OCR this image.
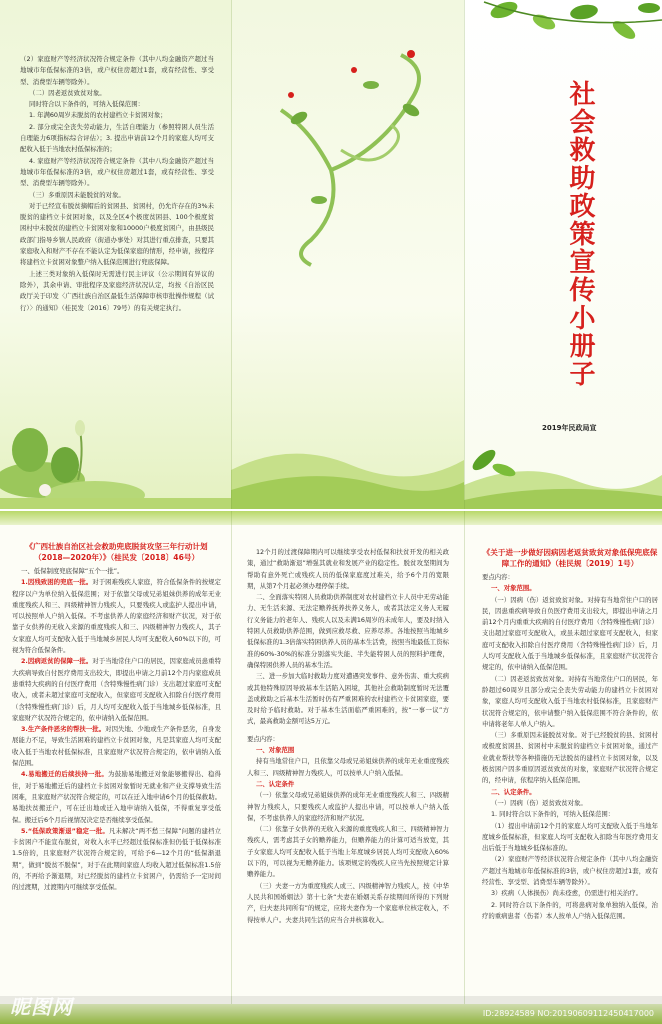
（2）家庭财产等经济状况符合规定条件（其中八均金融资产超过当地城市年低保标准的3倍，或户权住房超过1套，或有经营性、享受型、消费型车辆等除外）。

（二）因老返贫致贫对象。

同时符合以下条件的，可纳入低保范围：

1. 年满60周岁未脱贫的农村建档立卡贫困对象；

2. 部分或完全丧失劳动能力，生活自理能力（参照特困人员生活自理能力6项指标综合评估）；3. 提出申请前12个月的家庭人均可支配收入低于当地农村低保标准的；

4. 家庭财产等经济状况符合规定条件（其中八均金融资产超过当地城市年低保标准的3倍，或户权住房超过1套，或有经营性、享受型、消费型车辆等除外）。

（三）多重原因未能脱贫的对象。

对于已经宣布脱贫摘帽后的贫困县、贫困村，仍允许存在的3%未脱贫的建档立卡贫困对象，以及全区4个极度贫困县、100个极度贫困村中未脱贫的建档立卡贫困对象和10000户极度贫困户，由县级民政部门指导乡镇人民政府（街道办事处）对其进行重点排查，只要其家庭收入和财产不存在不能认定为低保家庭的情形，经申请，按程序将建档立卡贫困对象整户纳入低保范围进行兜底保障。

上述三类对象纳入低保时无需进行民主评议（公示期间有异议的除外），其余申请、审批程序及家庭经济状况认定，均按《自治区民政厅关于印发〈广西壮族自治区最低生活保障审核审批操作规程（试行）〉的通知》（桂民发〔2016〕79号）的有关规定执行。	社会救助政策宣传小册子
2019年民政局宣
《广西壮族自治区社会救助兜底脱贫攻坚三年行动计划（2018—2020年）》（桂民发〔2018〕46号）

一、低保制度兜底保障“五个一批”。

1.因残致困的兜底一批。对于困难残疾人家庭，符合低保条件的按规定程序以户为单位纳入低保范围；对于依靠父母或兄弟姐妹供养的成年无业重度残疾人和三、四级精神智力残疾人，只要残疾人或监护人提出申请，可以按照单人户纳入低保。不考虑供养人的家庭经济和财产状况，对于依靠子女供养的无收入来源的重度残疾人和三、四级精神智力残疾人，其子女家庭人均可支配收入低于当地城乡居民人均可支配收入60%以下的，可视为符合低保条件。

2.因病返贫的保障一批。对于当地常住户口的居民，因家庭成员患重特大疾病导致自付医疗费用支出较大，即提出申请之月前12个月内家庭成员患重特大疾病的自付医疗费用（含特殊慢性病门诊）支出超过家庭可支配收入，或者未超过家庭可支配收入，但家庭可支配收入扣除自付医疗费用（含特殊慢性病门诊）后，月人均可支配收入低于当地城乡低保标准，且家庭财产状况符合规定的，依申请纳入低保范围。

3.生产条件恶劣的帮扶一批。对因失地、少地或生产条件恶劣，自身发展能力不足，导致生活困难的建档立卡贫困对象，凡是其家庭人均可支配收入低于当地农村低保标准，且家庭财产状况符合规定的，依申请纳入低保范围。

4.易地搬迁的后续扶持一批。为鼓励易地搬迁对象能够搬得出、稳得住，对于易地搬迁后的建档立卡贫困对象暂时无就业和产业支撑导致生活困难，且家庭财产状况符合规定的，可以在迁入地申请6个月的低保救助。易地扶贫搬迁户，可在迁出地或迁入地申请纳入低保，不得重复享受低保。搬迁后6个月后视情况决定是否继续享受低保。

5.“低保政策渐退”稳定一批。凡未解决“两不愁三保障”问题的建档立卡贫困户不能宣布脱贫，对收入水平已经超过低保标准但仍低于低保标准1.5倍的，且家庭财产状况符合规定的，可给予6—12个月的“低保渐退期”，做到“脱贫不脱保”，对于在此期间家庭人均收入超过低保标准1.5倍的，不再给予渐退期，对已经脱贫的建档立卡贫困户，仍需给予一定时间的过渡期，过渡期内可继续享受低保。

12个月的过渡保障期内可以继续享受农村低保和扶贫开发的相关政策，通过“救助渐退”增强其就业和发展产业的稳定性。脱贫攻坚期间为帮助有意外死亡或残疾人员的低保家庭度过难关，给予6个月的宽限期，从第7个月起必须办理停保手续。

二、全面落实特困人员救助供养制度对农村建档立卡人员中无劳动能力、无生活来源、无法定赡养抚养扶养义务人，或者其法定义务人无履行义务能力的老年人、残疾人以及未满16周岁的未成年人，要及时纳入特困人员救助供养范围，做到应救尽救、应养尽养。各地按照当地城乡低保标准的1.3倍落实特困供养人员的基本生活费，按照当地最低工资标准的60%-30%的标准分别落实失能、半失能特困人员的照料护理费，确保特困供养人员的基本生活。

三、进一步加大临时救助力度对遭遇突发事件、意外伤害、重大疾病或其他特殊原因导致基本生活陷入困境，其他社会救助制度暂时无法覆盖或救助之后基本生活暂时仍有严重困难的农村建档立卡贫困家庭，要及时给予临时救助。对于基本生活面临严重困难的，按“一事一议”方式，最高救助金额可达5万元。

要点内容：

一、对象范围

持有当地常住户口，且依靠父母或兄弟姐妹供养的成年无业重度残疾人和三、四级精神智力残疾人，可以按单人户纳入低保。

二、认定条件

（一）依靠父母或兄弟姐妹供养的成年无业重度残疾人和三、四级精神智力残疾人，只要残疾人或监护人提出申请，可以按单人户纳入低保，不考虑供养人的家庭经济和财产状况。

（二）依靠子女供养的无收入来源的重度残疾人和三、四级精神智力残疾人，需考虑其子女的赡养能力，但赡养能力的计算可适当放宽，其子女家庭人均可支配收入低于当地上年度城乡居民人均可支配收入60%以下的，可以视为无赡养能力。该项规定的残疾人应当先按照规定计算赡养能力。

（三）夫妻一方为重度残疾人或三、四级精神智力残疾人，按《中华人民共和国婚姻法》第十七条“夫妻在婚姻关系存续期间所得的下列财产，归夫妻共同所有”的规定，应将夫妻作为一个家庭单位核定收入，不得按单人户。夫妻共同生活的应当合并核算收入。

《关于进一步做好因病因老返贫致贫对象低保兜底保障工作的通知》（桂民规〔2019〕1号）

要点内容：

一、对象范围。

（一）因病（伤）返贫致贫对象。对持有当地常住户口的居民，因患重疾病导致自负医疗费用支出较大，即提出申请之月前12个月内重重大疾病的自付医疗费用（含特殊慢性病门诊）支出超过家庭可支配收入，或虽未超过家庭可支配收入，但家庭可支配收入扣除自付医疗费用（含特殊慢性病门诊）后，月人均可支配收入低于当地城乡低保标准，且家庭财产状况符合规定的，依申请纳入低保范围。

（二）因老返贫致贫对象。对持有当地常住户口的居民，年龄超过60周岁且部分或完全丧失劳动能力的建档立卡贫困对象，家庭人均可支配收入低于当地农村低保标准，且家庭财产状况符合规定的，依申请整户纳入低保范围不符合条件的，依申请将老年人单人户纳入。

（三）多重原因未能脱贫对象。对于已经脱贫的县、贫困村或极度贫困县、贫困村中未脱贫的建档立卡贫困对象，通过产业就业帮扶等各种措施仍无法脱贫的建档立卡贫困对象，以及极贫困户因多重原因返贫致贫的对象，家庭财产状况符合规定的，经申请，依程序纳入低保范围。

二、认定条件。

（一）因病（伤）返贫致贫对象。

1. 同时符合以下条件的，可纳入低保范围：

（1）提出申请前12个月的家庭人均可支配收入低于当地年度城乡低保标准，但家庭人均可支配收入扣除当年医疗费用支出后低于当地城乡低保标准的。

（2）家庭财产等经济状况符合规定条件（其中八均金融资产超过当地城市年低保标准的3倍，或户权住房超过1套，或有经营性、享受型、消费型车辆等除外）。

3）疾病（人体损伤）尚未痊愈，仍需进行相关治疗。

2. 同时符合以下条件的，可将患病对象单独纳入低保，治疗的重病患者（伤者）本人按单人户纳入低保范围。

昵图网	ID:28924589 NO:20190609112450417000
